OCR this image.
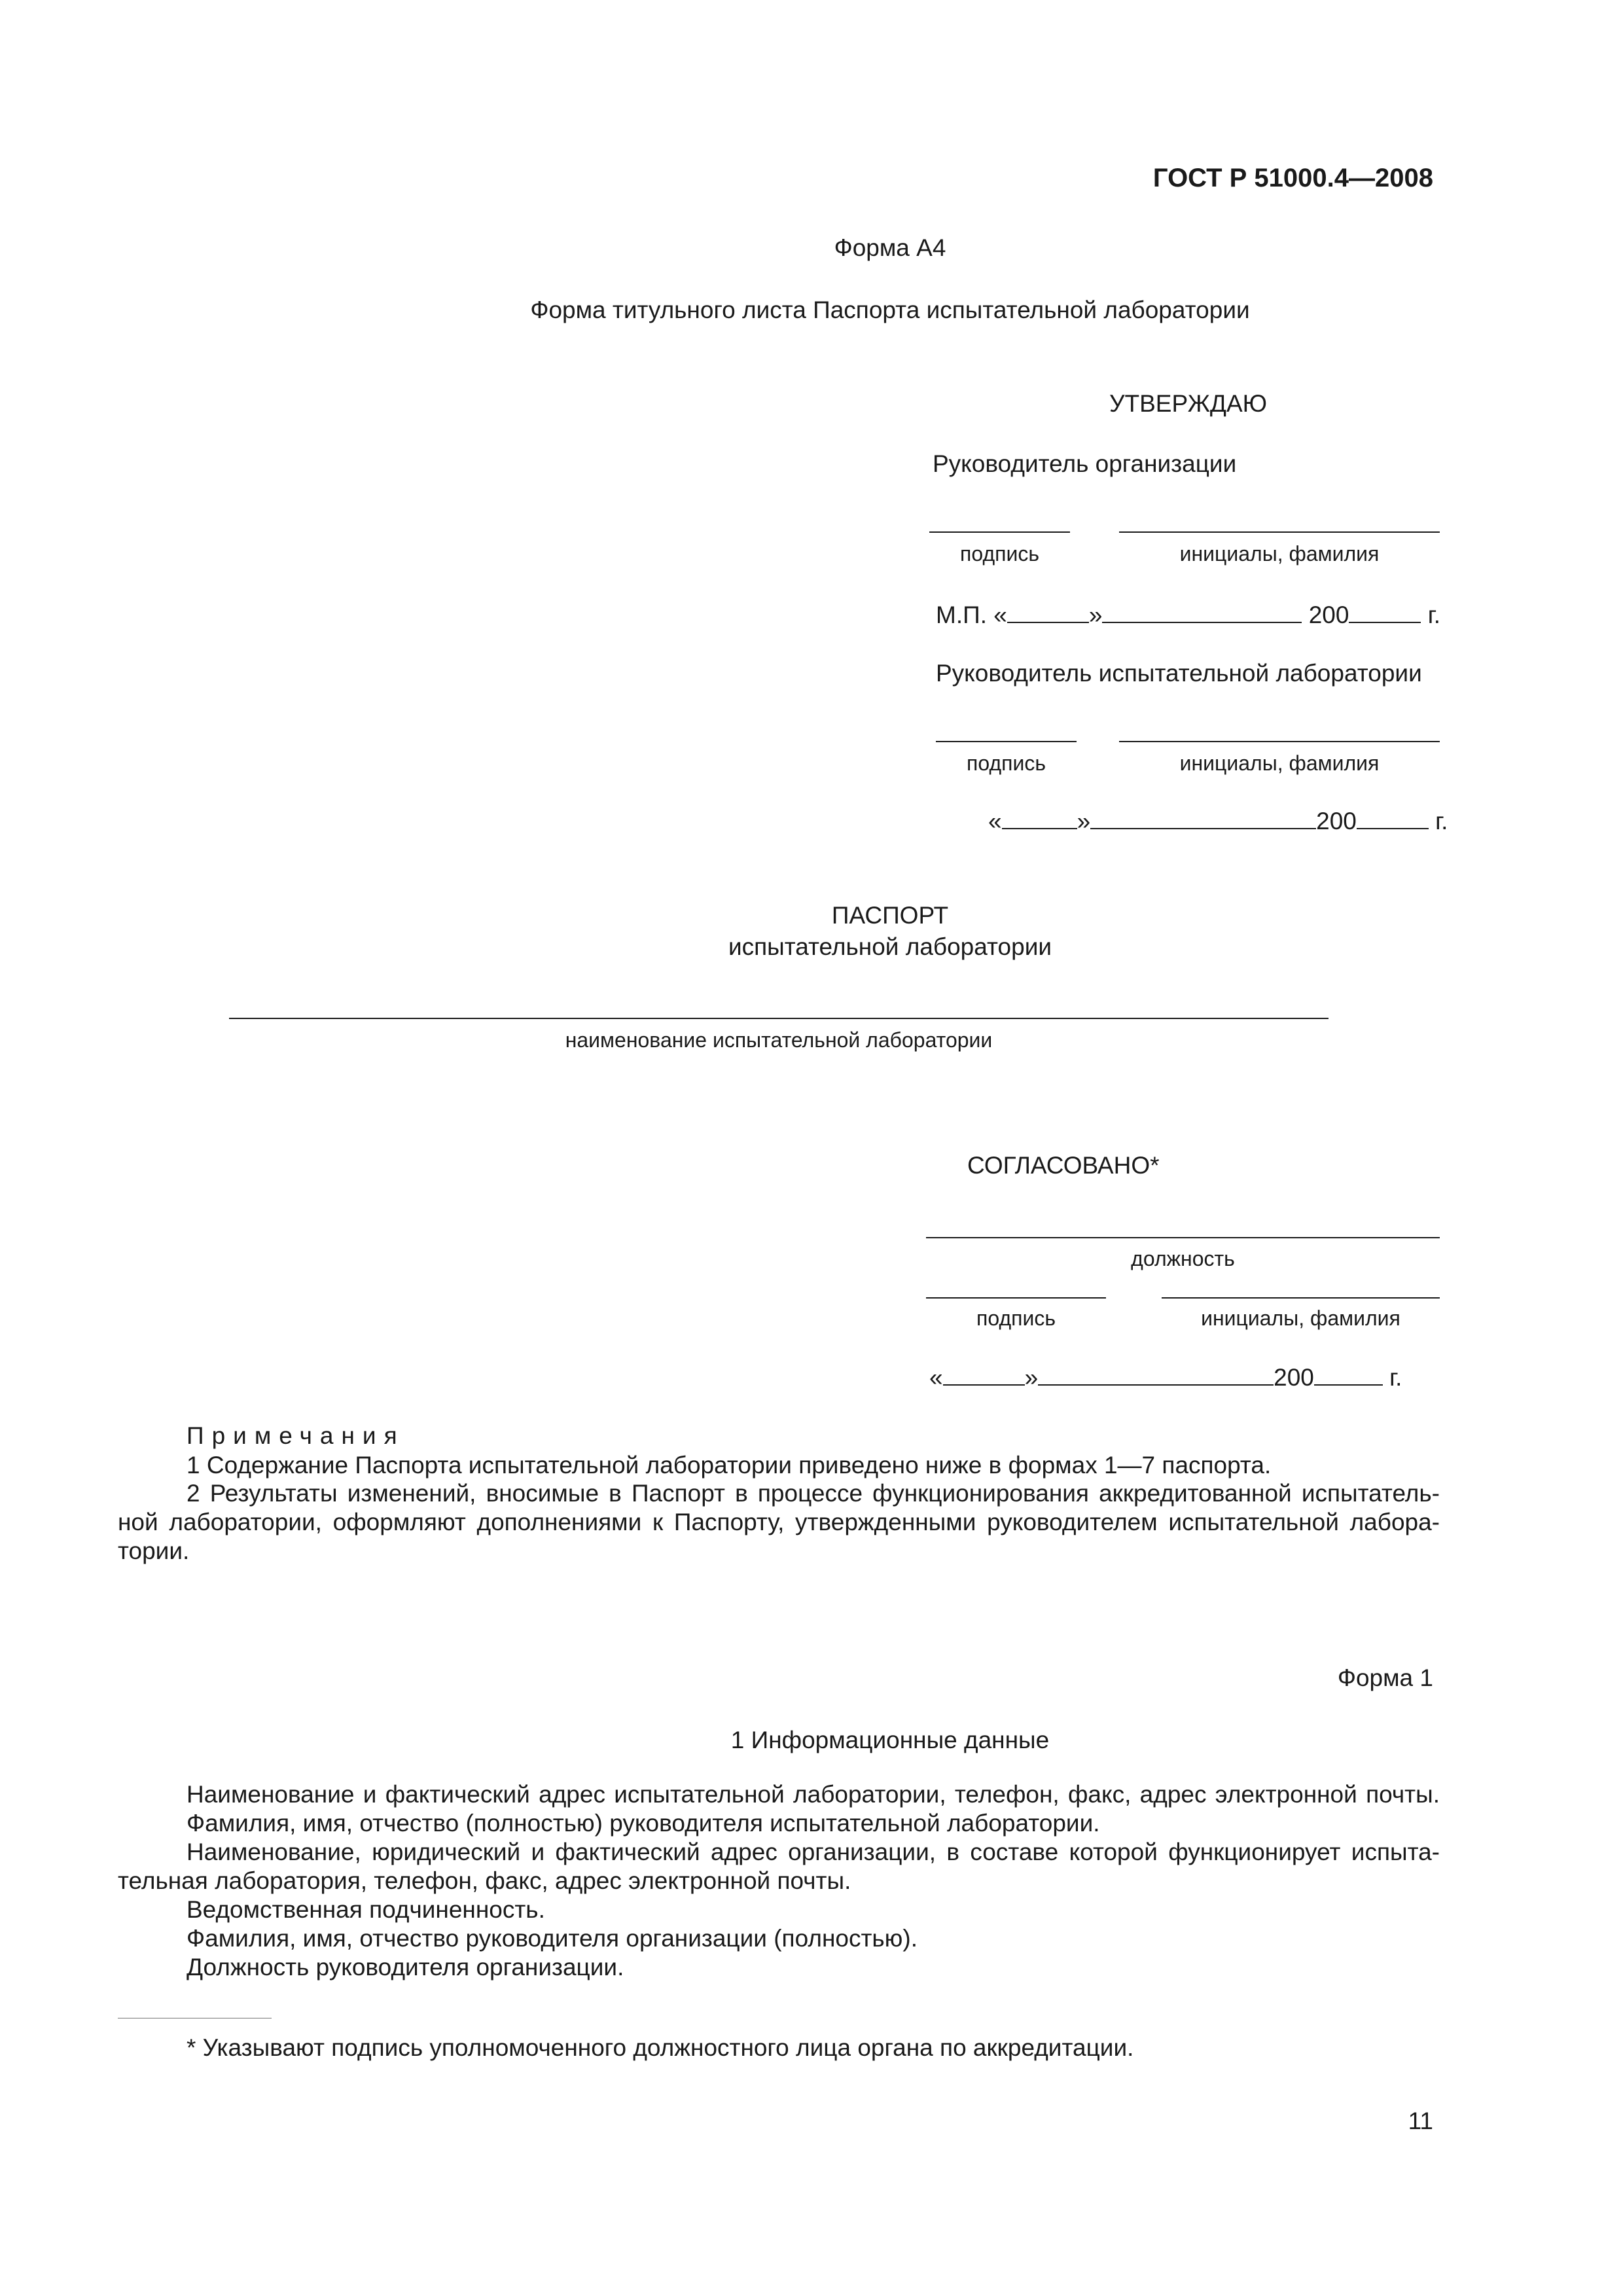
ГОСТ Р 51000.4—2008
Форма А4
Форма титульного листа Паспорта испытательной лаборатории
УТВЕРЖДАЮ
Руководитель организации
подпись	инициалы, фамилия
М.П. «	»	200	г.
Руководитель испытательной лаборатории
подпись	инициалы, фамилия
«	»	200	г.
ПАСПОРТ
испытательной лаборатории
наименование испытательной лаборатории
СОГЛАСОВАНО*
должность
подпись	инициалы, фамилия
«	»	200	г.
Примечания
1 Содержание Паспорта испытательной лаборатории приведено ниже в формах 1—7 паспорта.
2 Результаты изменений, вносимые в Паспорт в процессе функционирования аккредитованной испытатель-
ной лаборатории, оформляют дополнениями к Паспорту, утвержденными руководителем испытательной лабора-
тории.
Форма 1
1 Информационные данные
Наименование и фактический адрес испытательной лаборатории, телефон, факс, адрес электронной почты.
Фамилия, имя, отчество (полностью) руководителя испытательной лаборатории.
Наименование, юридический и фактический адрес организации, в составе которой функционирует испыта-
тельная лаборатория, телефон, факс, адрес электронной почты.
Ведомственная подчиненность.
Фамилия, имя, отчество руководителя организации (полностью).
Должность руководителя организации.
* Указывают подпись уполномоченного должностного лица органа по аккредитации.
11
